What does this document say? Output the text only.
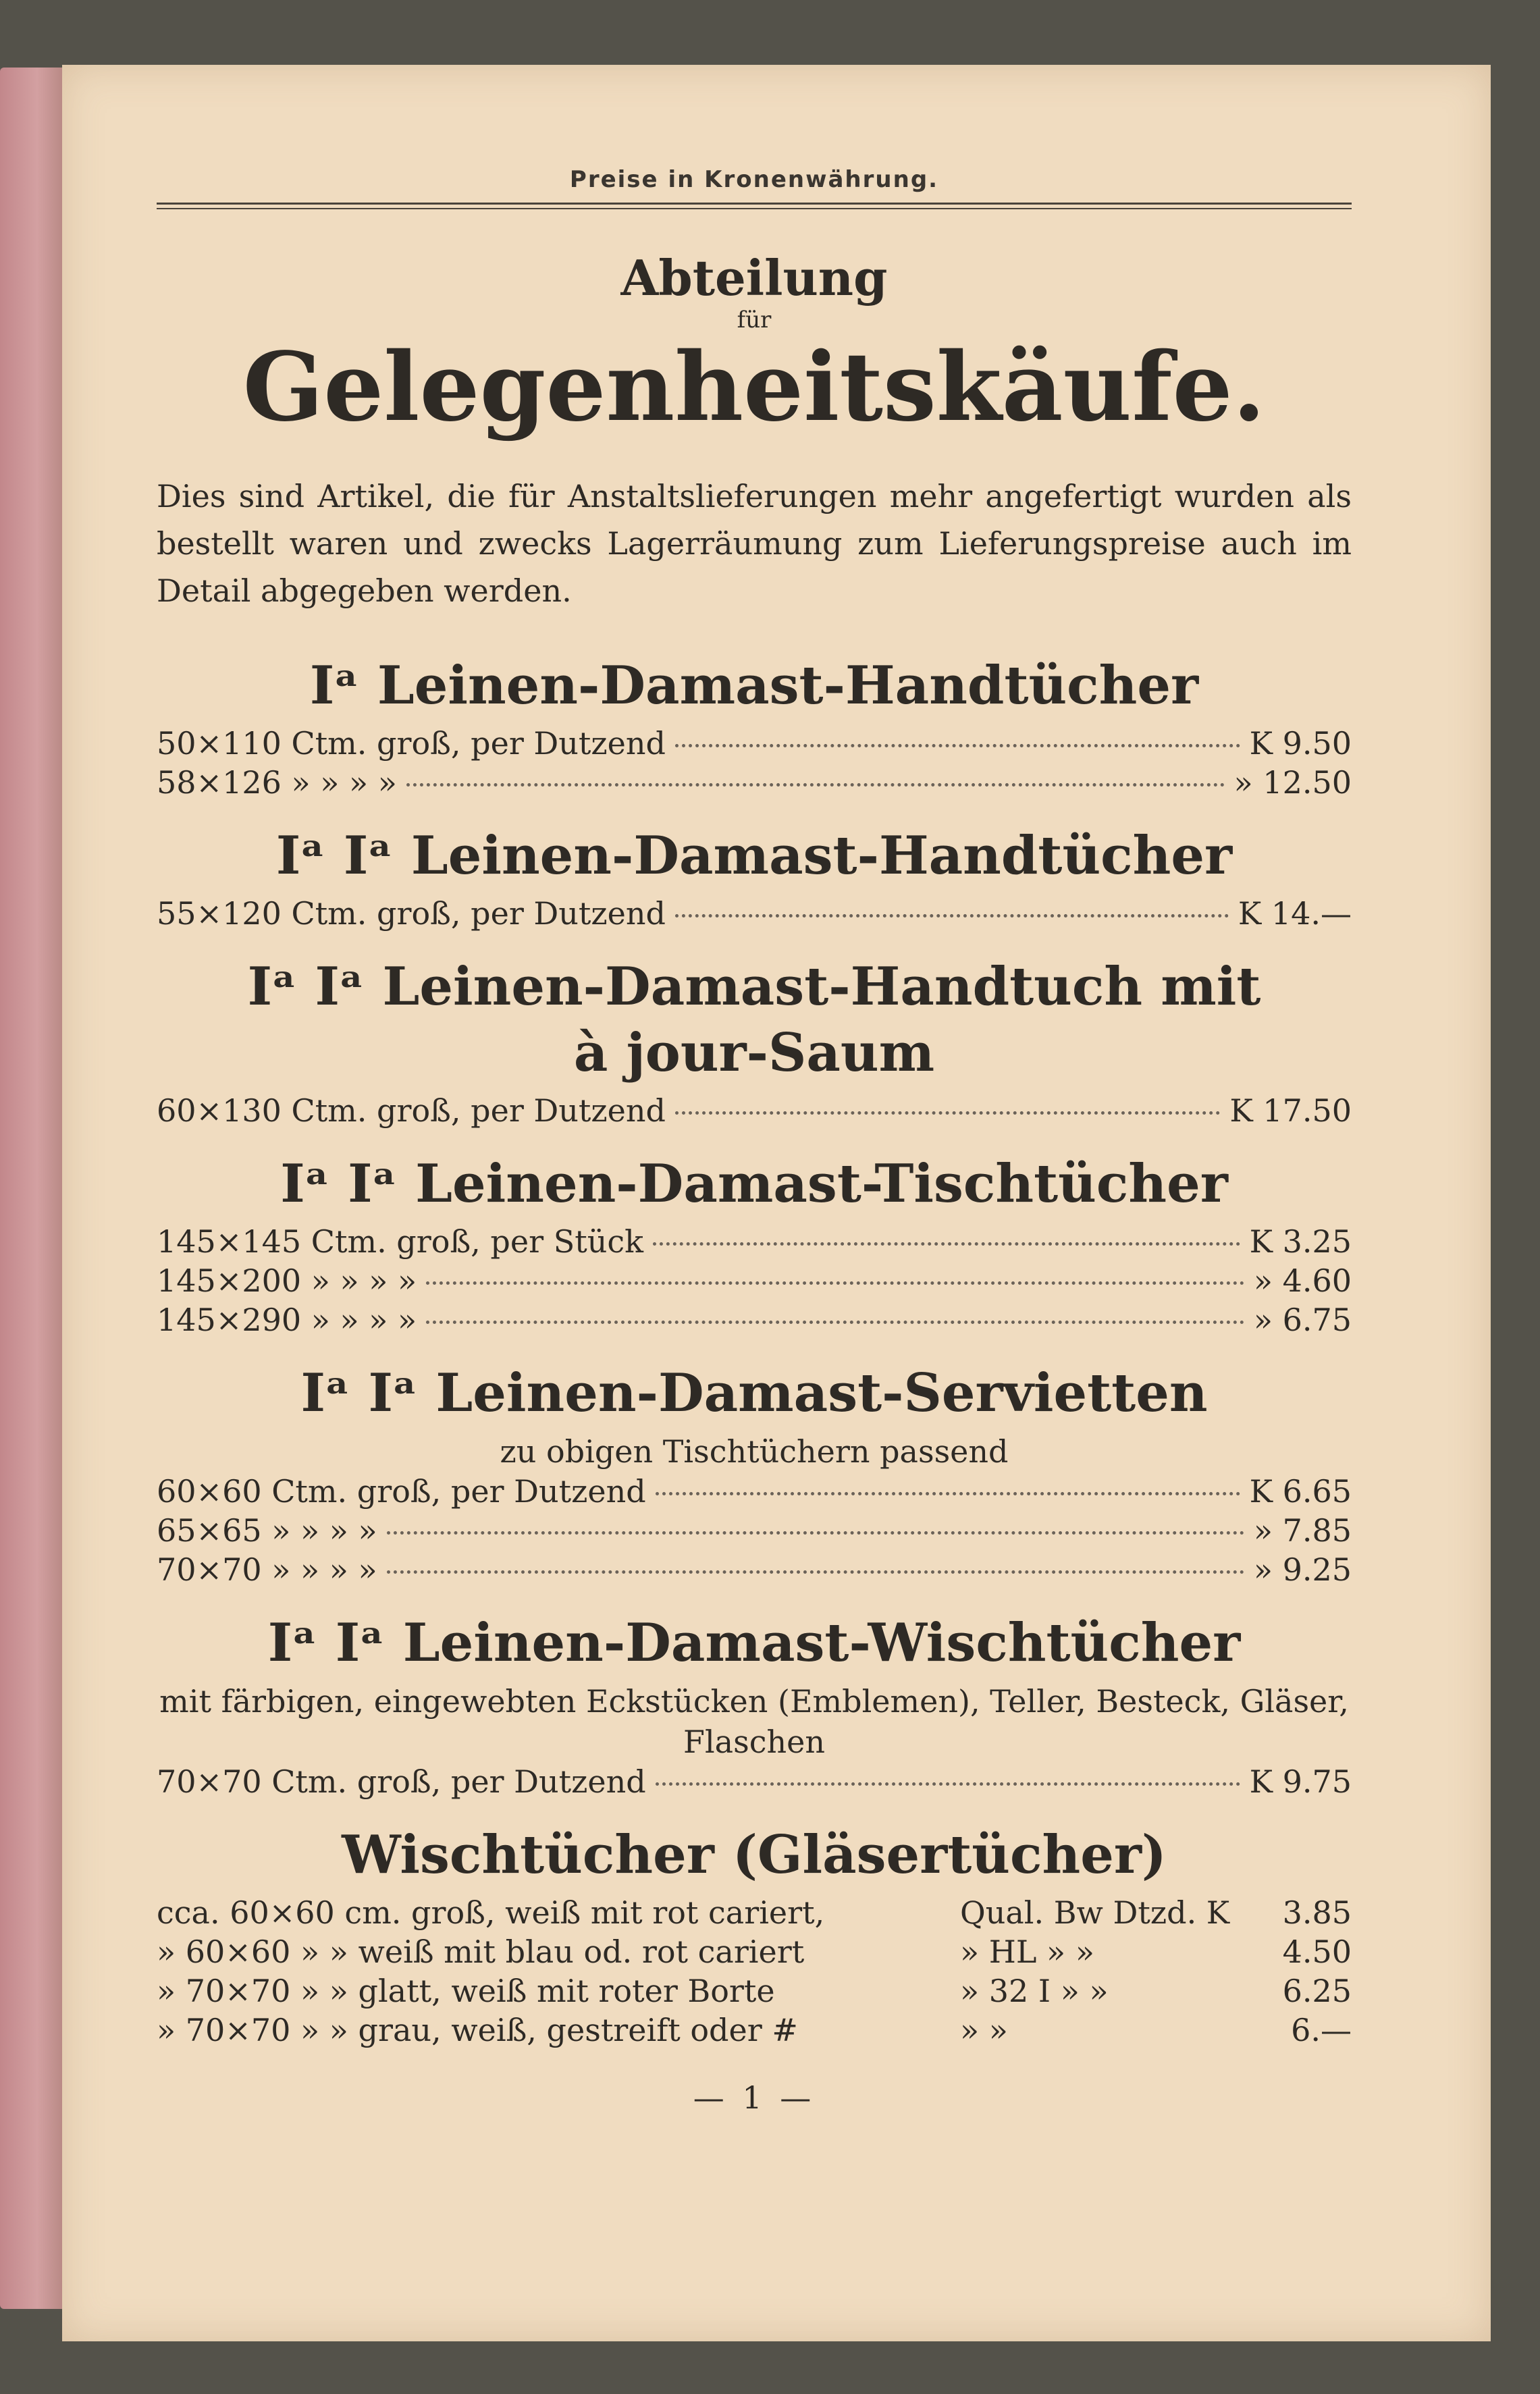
Preise in Kronenwährung.
Abteilung
für
Gelegenheitskäufe.

Dies sind Artikel, die für Anstaltslieferungen mehr angefertigt wurden als bestellt waren und zwecks Lagerräumung zum Lieferungspreise auch im Detail abgegeben werden.

Iᵃ Leinen-Damast-Handtücher
50×110 Ctm. groß, per Dutzend	K 9.50
58×126 » » » »	» 12.50
Iᵃ Iᵃ Leinen-Damast-Handtücher
55×120 Ctm. groß, per Dutzend	K 14.—
Iᵃ Iᵃ Leinen-Damast-Handtuch mit
à jour-Saum
60×130 Ctm. groß, per Dutzend	K 17.50
Iᵃ Iᵃ Leinen-Damast-Tischtücher
145×145 Ctm. groß, per Stück	K 3.25
145×200 » » » »	» 4.60
145×290 » » » »	» 6.75
Iᵃ Iᵃ Leinen-Damast-Servietten
zu obigen Tischtüchern passend
60×60 Ctm. groß, per Dutzend	K 6.65
65×65 » » » »	» 7.85
70×70 » » » »	» 9.25
Iᵃ Iᵃ Leinen-Damast-Wischtücher
mit färbigen, eingewebten Eckstücken (Emblemen), Teller, Besteck, Gläser, Flaschen
70×70 Ctm. groß, per Dutzend	K 9.75
Wischtücher (Gläsertücher)
cca. 60×60 cm. groß, weiß mit rot cariert,	Qual. Bw Dtzd. K	3.85
» 60×60 » » weiß mit blau od. rot cariert	» HL » »	4.50
» 70×70 » » glatt, weiß mit roter Borte	» 32 I » »	6.25
» 70×70 » » grau, weiß, gestreift oder #	» »	6.—
— 1 —
